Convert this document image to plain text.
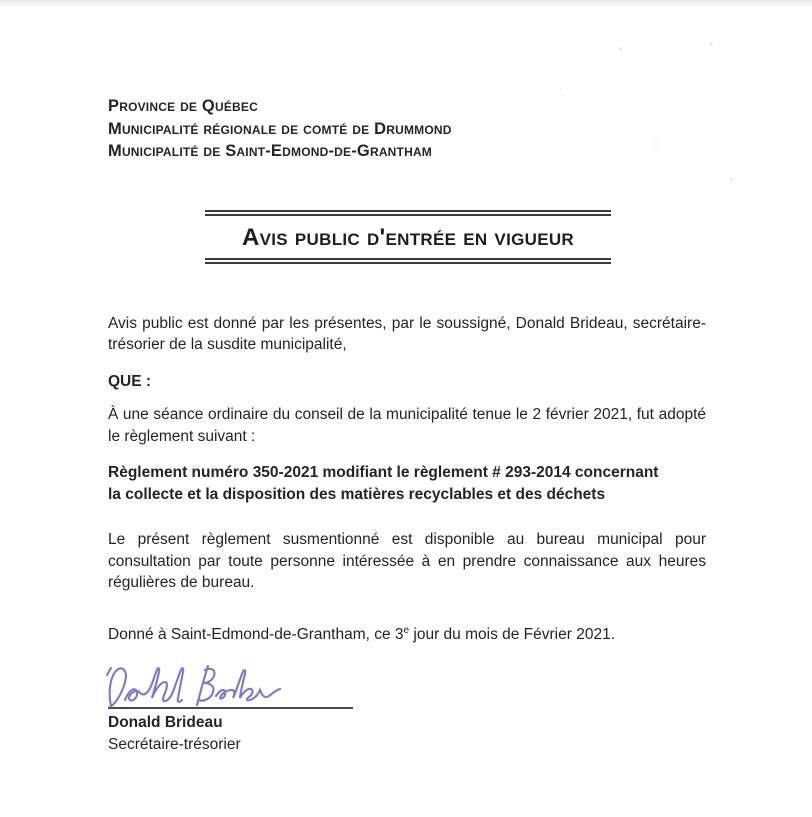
Province de Québec
Municipalité régionale de comté de Drummond
Municipalité de Saint-Edmond-de-Grantham
Avis public d'entrée en vigueur

Avis public est donné par les présentes, par le soussigné, Donald Brideau, secrétaire-trésorier de la susdite municipalité,

QUE :

À une séance ordinaire du conseil de la municipalité tenue le 2 février 2021, fut adopté le règlement suivant :

Règlement numéro 350-2021 modifiant le règlement # 293-2014 concernant la collecte et la disposition des matières recyclables et des déchets

Le présent règlement susmentionné est disponible au bureau municipal pour consultation par toute personne intéressée à en prendre connaissance aux heures régulières de bureau.

Donné à Saint-Edmond-de-Grantham, ce 3e jour du mois de Février 2021.

Donald Brideau
Secrétaire-trésorier
